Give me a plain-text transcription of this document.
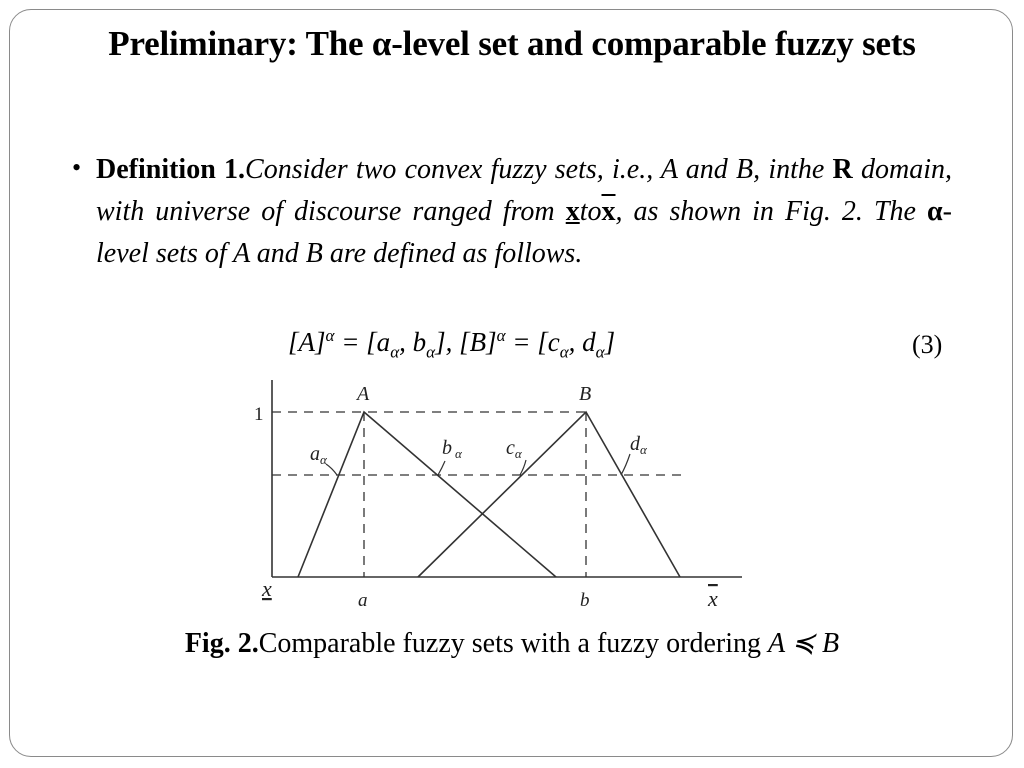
Preliminary: The α-level set and comparable fuzzy sets
• Definition 1.Consider two convex fuzzy sets, i.e., A and B, inthe R domain, with universe of discourse ranged from $xto\overline{x}$, as shown in Fig. 2. The α-level sets of A and B are defined as follows.
$[A]^\alpha = [a_\alpha$, $b_\alpha$], $[B]^\alpha = [c_\alpha$, $d_\alpha$]	(3)
1
A	B
$a_\alpha$
b $_\alpha$ $c_\alpha$	$d_\alpha$
x	a	b	x
Fig. 2.Comparable fuzzy sets with a fuzzy ordering A ≼ B
